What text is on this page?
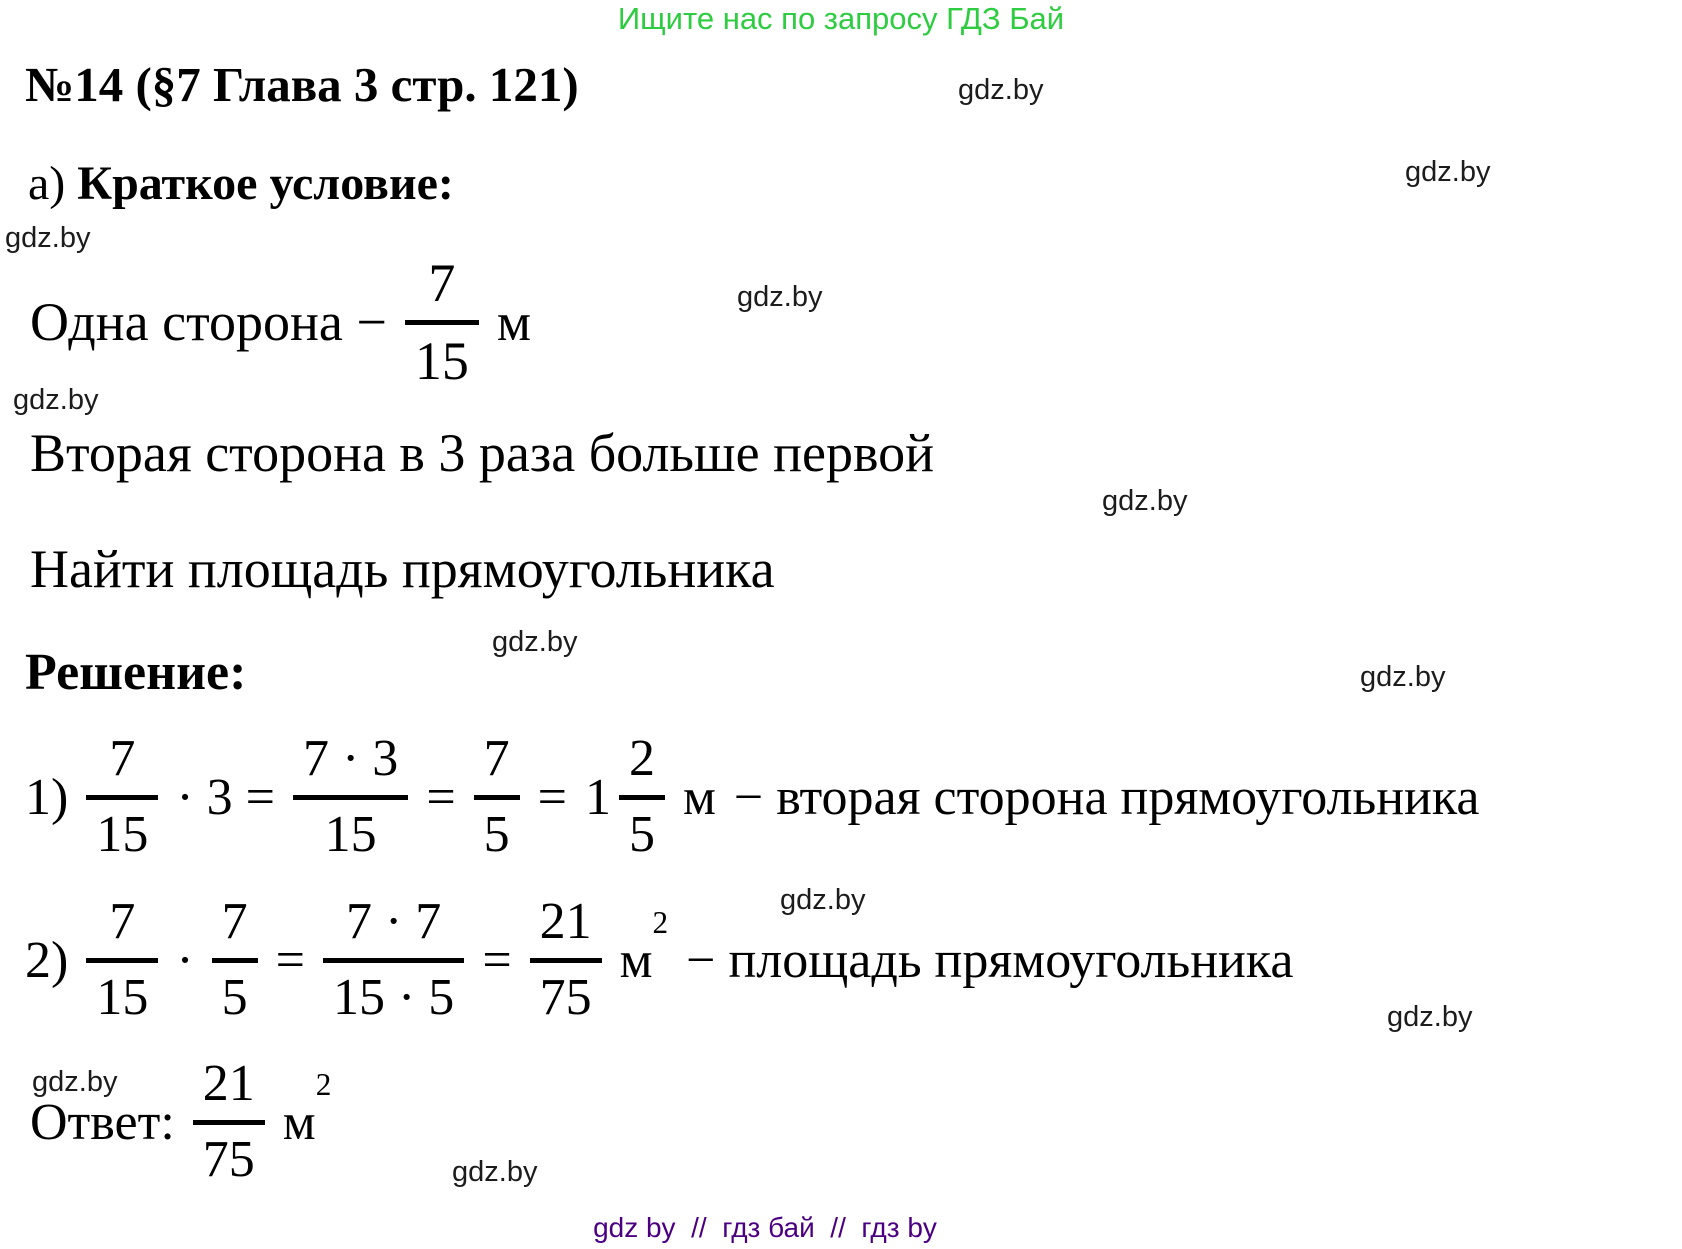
Ищите нас по запросу ГДЗ Бай
№14 (§7 Глава 3 стр. 121)	gdz.by
gdz.by
gdz.by
gdz.by
gdz.by
gdz.by
gdz.by
gdz.by
gdz.by
gdz.by
gdz.by
gdz.by
а) Краткое условие:
Одна сторона − $\frac{7}{15}$ м
Вторая сторона в 3 раза больше первой
Найти площадь прямоугольника
Решение:
$1) \frac{7}{15} \cdot 3 = \frac{7 \cdot 3}{15} = \frac{7}{5} = 1 \frac{2}{5}$ м − вторая сторона прямоугольника
$2) \frac{7}{15} \cdot \frac{7}{5} = \frac{7 \cdot 7}{15 \cdot 5} = \frac{21}{75}$ м
2
− площадь прямоугольника
Ответ: $\frac{21}{75}$ м
2
gdz by  //  гдз бай  //  гдз by
